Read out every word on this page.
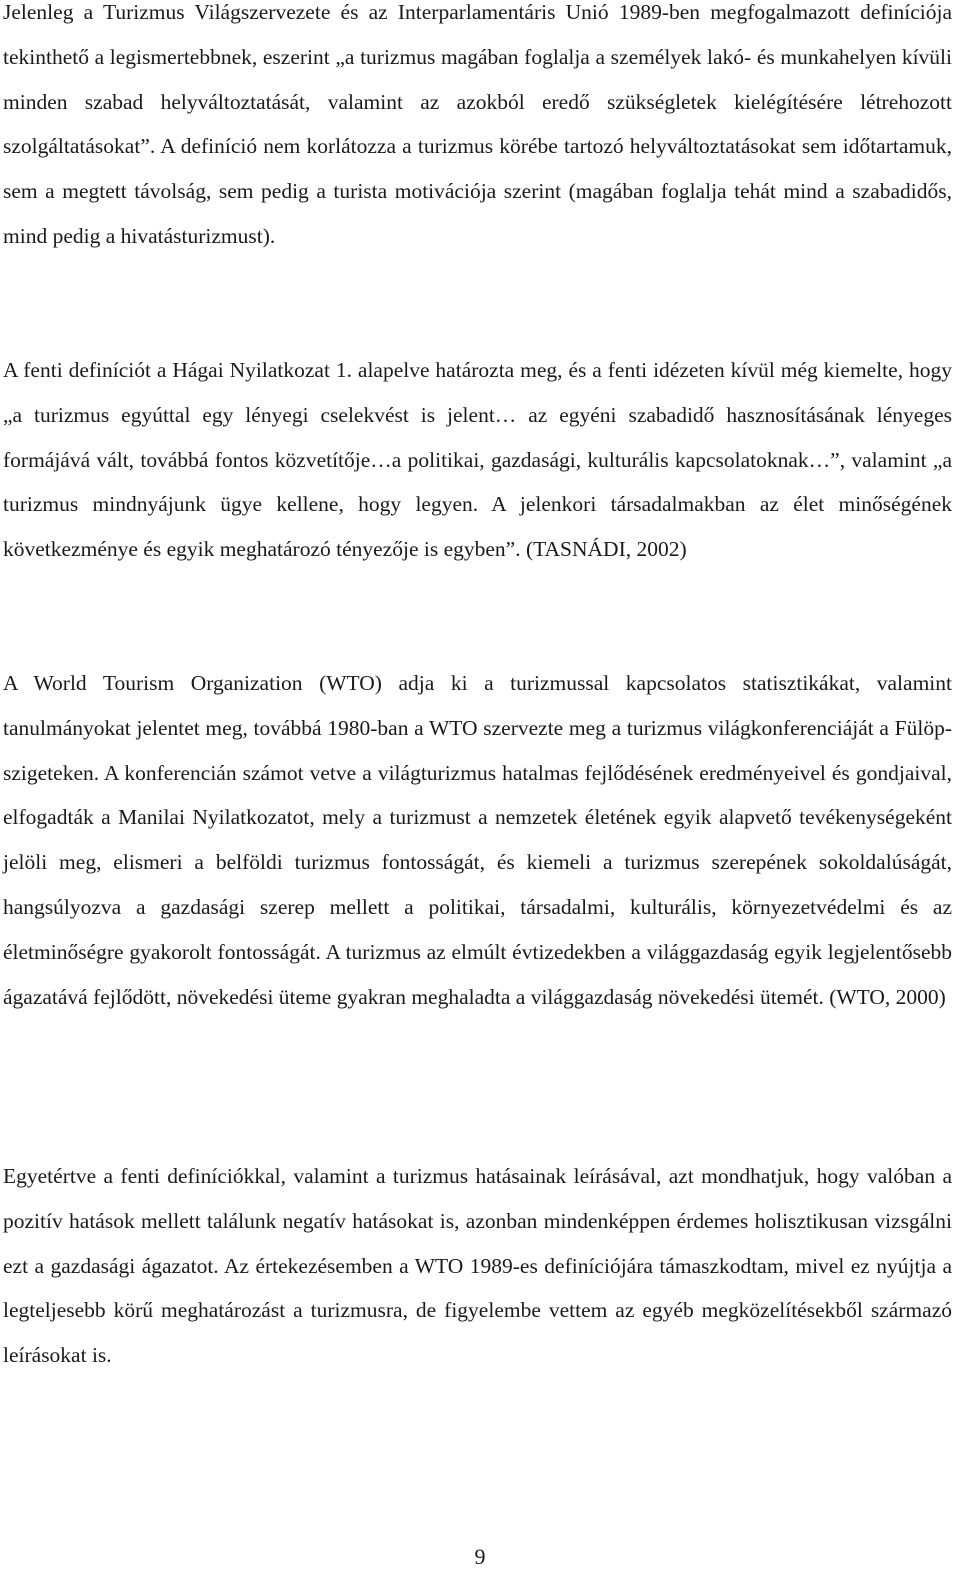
Jelenleg a Turizmus Világszervezete és az Interparlamentáris Unió 1989-ben megfogalmazott definíciója tekinthető a legismertebbnek, eszerint „a turizmus magában foglalja a személyek lakó- és munkahelyen kívüli minden szabad helyváltoztatását, valamint az azokból eredő szükségletek kielégítésére létrehozott szolgáltatásokat”. A definíció nem korlátozza a turizmus körébe tartozó helyváltoztatásokat sem időtartamuk, sem a megtett távolság, sem pedig a turista motivációja szerint (magában foglalja tehát mind a szabadidős, mind pedig a hivatásturizmust).

A fenti definíciót a Hágai Nyilatkozat 1. alapelve határozta meg, és a fenti idézeten kívül még kiemelte, hogy „a turizmus egyúttal egy lényegi cselekvést is jelent… az egyéni szabadidő hasznosításának lényeges formájává vált, továbbá fontos közvetítője…a politikai, gazdasági, kulturális kapcsolatoknak…”, valamint „a turizmus mindnyájunk ügye kellene, hogy legyen. A jelenkori társadalmakban az élet minőségének következménye és egyik meghatározó tényezője is egyben”. (TASNÁDI, 2002)

A World Tourism Organization (WTO) adja ki a turizmussal kapcsolatos statisztikákat, valamint tanulmányokat jelentet meg, továbbá 1980-ban a WTO szervezte meg a turizmus világkonferenciáját a Fülöp-szigeteken. A konferencián számot vetve a világturizmus hatalmas fejlődésének eredményeivel és gondjaival, elfogadták a Manilai Nyilatkozatot, mely a turizmust a nemzetek életének egyik alapvető tevékenységeként jelöli meg, elismeri a belföldi turizmus fontosságát, és kiemeli a turizmus szerepének sokoldalúságát, hangsúlyozva a gazdasági szerep mellett a politikai, társadalmi, kulturális, környezetvédelmi és az életminőségre gyakorolt fontosságát. A turizmus az elmúlt évtizedekben a világgazdaság egyik legjelentősebb ágazatává fejlődött, növekedési üteme gyakran meghaladta a világgazdaság növekedési ütemét. (WTO, 2000)

Egyetértve a fenti definíciókkal, valamint a turizmus hatásainak leírásával, azt mondhatjuk, hogy valóban a pozitív hatások mellett találunk negatív hatásokat is, azonban mindenképpen érdemes holisztikusan vizsgálni ezt a gazdasági ágazatot. Az értekezésemben a WTO 1989-es definíciójára támaszkodtam, mivel ez nyújtja a legteljesebb körű meghatározást a turizmusra, de figyelembe vettem az egyéb megközelítésekből származó leírásokat is.

9
